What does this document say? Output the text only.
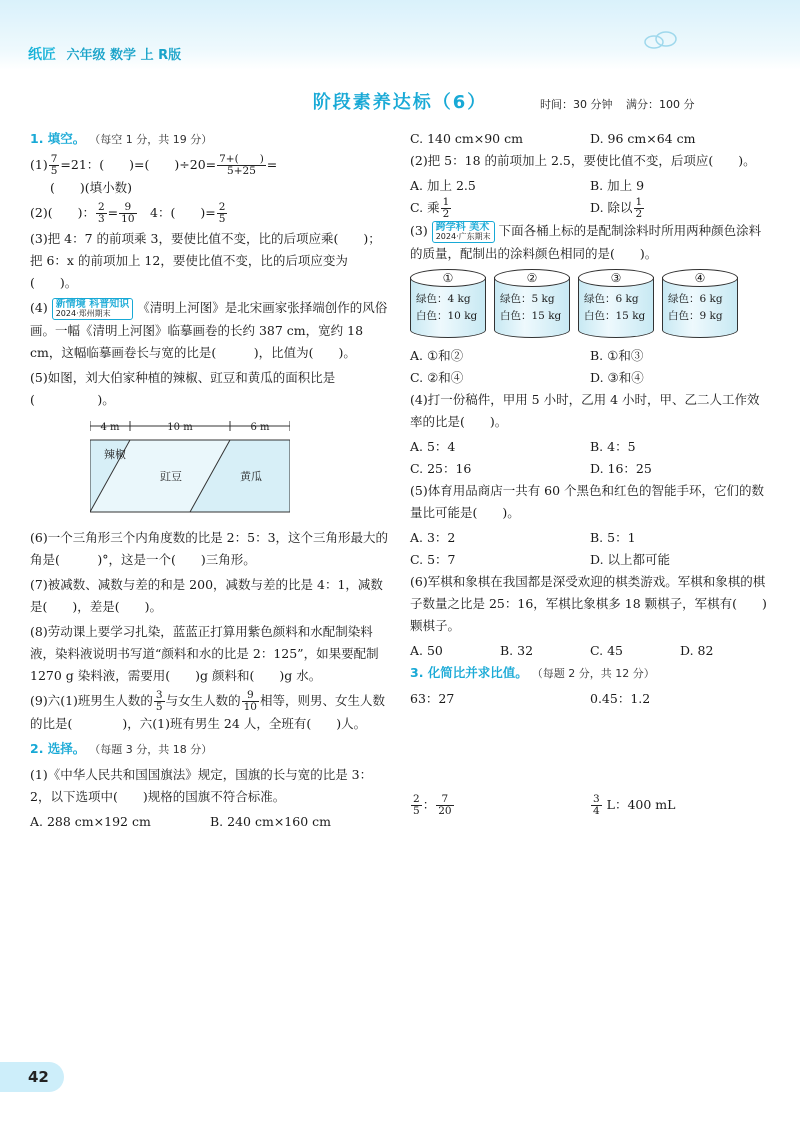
纸匠 六年级 数学 上 R版
阶段素养达标（6）	时间：30 分钟 满分：100 分
1. 填空。 （每空 1 分，共 19 分）
$(1) \frac{7}{5} =21$：(　　)=(　　)$\div 20= \frac{7+( )}{5+25}$ =
(　　)(填小数)
(2)(　　)： $\frac{2}{3} = \frac{9}{10}$ 　4：(　　)= $\frac{2}{5}$
(3)把 4：7 的前项乘 3，要使比值不变，比的后项应乘(　　)；把 6：x 的前项加上 12，要使比值不变，比的后项应变为(　　)。
(4) 新情境 科普知识
2024·郑州期末 《清明上河图》是北宋画家张择端创作的风俗画。一幅《清明上河图》临摹画卷的长约 387 cm，宽约 18 cm，这幅临摹画卷长与宽的比是(　　　)，比值为(　　)。
(5)如图，刘大伯家种植的辣椒、豇豆和黄瓜的面积比是(　　　　　)。
4 m	10 m	6 m
辣椒
豇豆	黄瓜
(6)一个三角形三个内角度数的比是 2：5：3，这个三角形最大的角是(　　　)°，这是一个(　　)三角形。
(7)被减数、减数与差的和是 200，减数与差的比是 4：1，减数是(　　)，差是(　　)。
(8)劳动课上要学习扎染，蓝蓝正打算用紫色颜料和水配制染料液，染料液说明书写道“颜料和水的比是 2：125”，如果要配制 1270 g 染料液，需要用(　　)g 颜料和(　　)g 水。
(9)六(1)班男生人数的 $\frac{3}{5}$ 与女生人数的 $\frac{9}{10}$ 相等，则男、女生人数的比是(　　　　)，六(1)班有男生 24 人，全班有(　　)人。
2. 选择。 （每题 3 分，共 18 分）
(1)《中华人民共和国国旗法》规定，国旗的长与宽的比是 3：2，以下选项中(　　)规格的国旗不符合标准。
A. 288 cm×192 cm	B. 240 cm×160 cm
C. 140 cm×90 cm	D. 96 cm×64 cm
(2)把 5：18 的前项加上 2.5，要使比值不变，后项应(　　)。
A. 加上 2.5	B. 加上 9
C. 乘 $\frac{1}{2}$	D. 除以 $\frac{1}{2}$
(3) 跨学科 美术
2024·广东期末 下面各桶上标的是配制涂料时所用两种颜色涂料的质量，配制出的涂料颜色相同的是(　　)。
①
绿色：4 kg
白色：10 kg
②
绿色：5 kg
白色：15 kg
③
绿色：6 kg
白色：15 kg
④
绿色：6 kg
白色：9 kg
A. ①和②	B. ①和③
C. ②和④	D. ③和④
(4)打一份稿件，甲用 5 小时，乙用 4 小时，甲、乙二人工作效率的比是(　　)。
A. 5：4	B. 4：5
C. 25：16	D. 16：25
(5)体育用品商店一共有 60 个黑色和红色的智能手环，它们的数量比可能是(　　)。
A. 3：2	B. 5：1
C. 5：7	D. 以上都可能
(6)军棋和象棋在我国都是深受欢迎的棋类游戏。军棋和象棋的棋子数量之比是 25：16，军棋比象棋多 18 颗棋子，军棋有(　　)颗棋子。
A. 50	B. 32	C. 45	D. 82
3. 化简比并求比值。 （每题 2 分，共 12 分）
63：27	0.45：1.2
$\frac{2}{5}$ ： $\frac{7}{20}$	$\frac{3}{4}$ L：400 mL
42
